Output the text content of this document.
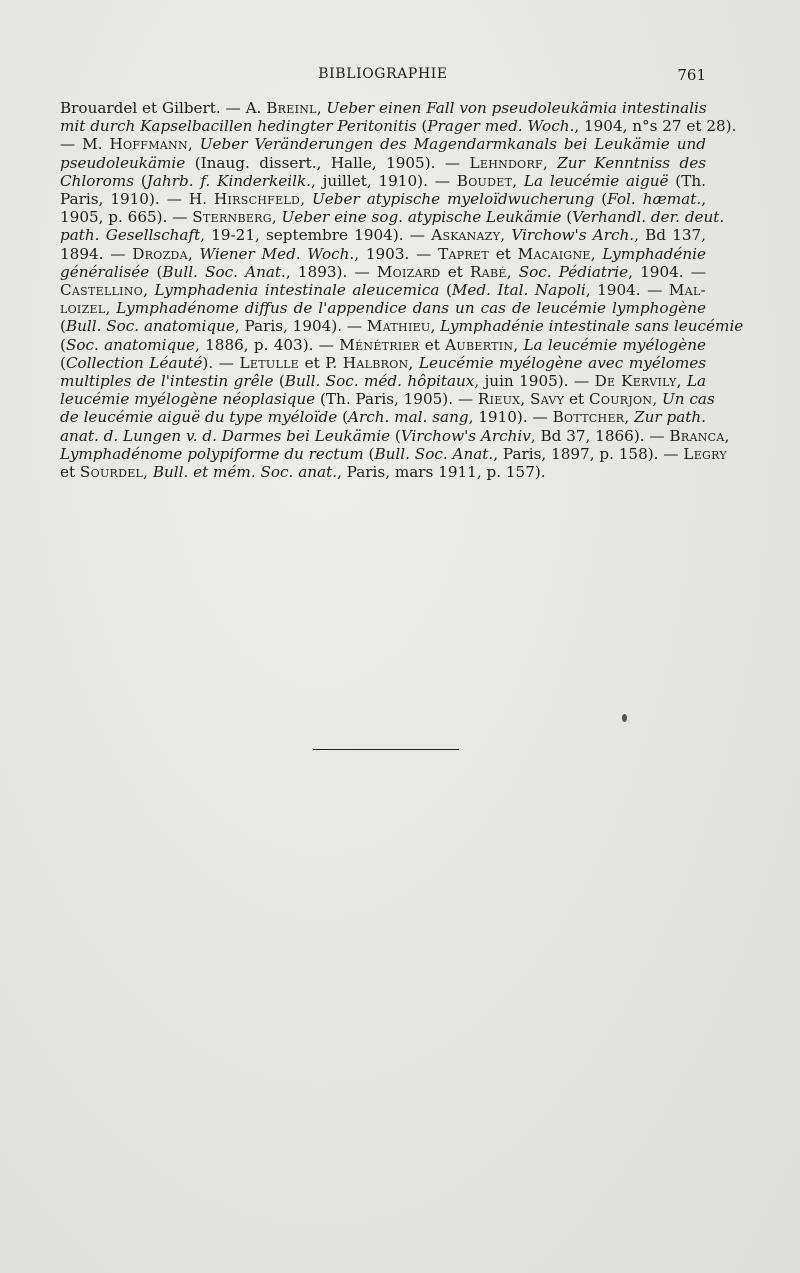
BIBLIOGRAPHIE	761
Brouardel et Gilbert. — A. Breinl, Ueber einen Fall von pseudoleukämia intestinalis
mit durch Kapselbacillen hedingter Peritonitis (Prager med. Woch., 1904, n°s 27 et 28).
— M. Hoffmann, Ueber Veränderungen des Magendarmkanals bei Leukämie und
pseudoleukämie (Inaug. dissert., Halle, 1905). — Lehndorf, Zur Kenntniss des
Chloroms (Jahrb. f. Kinderkeilk., juillet, 1910). — Boudet, La leucémie aiguë (Th.
Paris, 1910). — H. Hirschfeld, Ueber atypische myeloïdwucherung (Fol. hæmat.,
1905, p. 665). — Sternberg, Ueber eine sog. atypische Leukämie (Verhandl. der. deut.
path. Gesellschaft, 19-21, septembre 1904). — Askanazy, Virchow's Arch., Bd 137,
1894. — Drozda, Wiener Med. Woch., 1903. — Tapret et Macaigne, Lymphadénie
généralisée (Bull. Soc. Anat., 1893). — Moizard et Rabé, Soc. Pédiatrie, 1904. —
Castellino, Lymphadenia intestinale aleucemica (Med. Ital. Napoli, 1904. — Mal-
loizel, Lymphadénome diffus de l'appendice dans un cas de leucémie lymphogène
(Bull. Soc. anatomique, Paris, 1904). — Mathieu, Lymphadénie intestinale sans leucémie
(Soc. anatomique, 1886, p. 403). — Ménétrier et Aubertin, La leucémie myélogène
(Collection Léauté). — Letulle et P. Halbron, Leucémie myélogène avec myélomes
multiples de l'intestin grêle (Bull. Soc. méd. hôpitaux, juin 1905). — De Kervily, La
leucémie myélogène néoplasique (Th. Paris, 1905). — Rieux, Savy et Courjon, Un cas
de leucémie aiguë du type myéloïde (Arch. mal. sang, 1910). — Bottcher, Zur path.
anat. d. Lungen v. d. Darmes bei Leukämie (Virchow's Archiv, Bd 37, 1866). — Branca,
Lymphadénome polypiforme du rectum (Bull. Soc. Anat., Paris, 1897, p. 158). — Legry
et Sourdel, Bull. et mém. Soc. anat., Paris, mars 1911, p. 157).
